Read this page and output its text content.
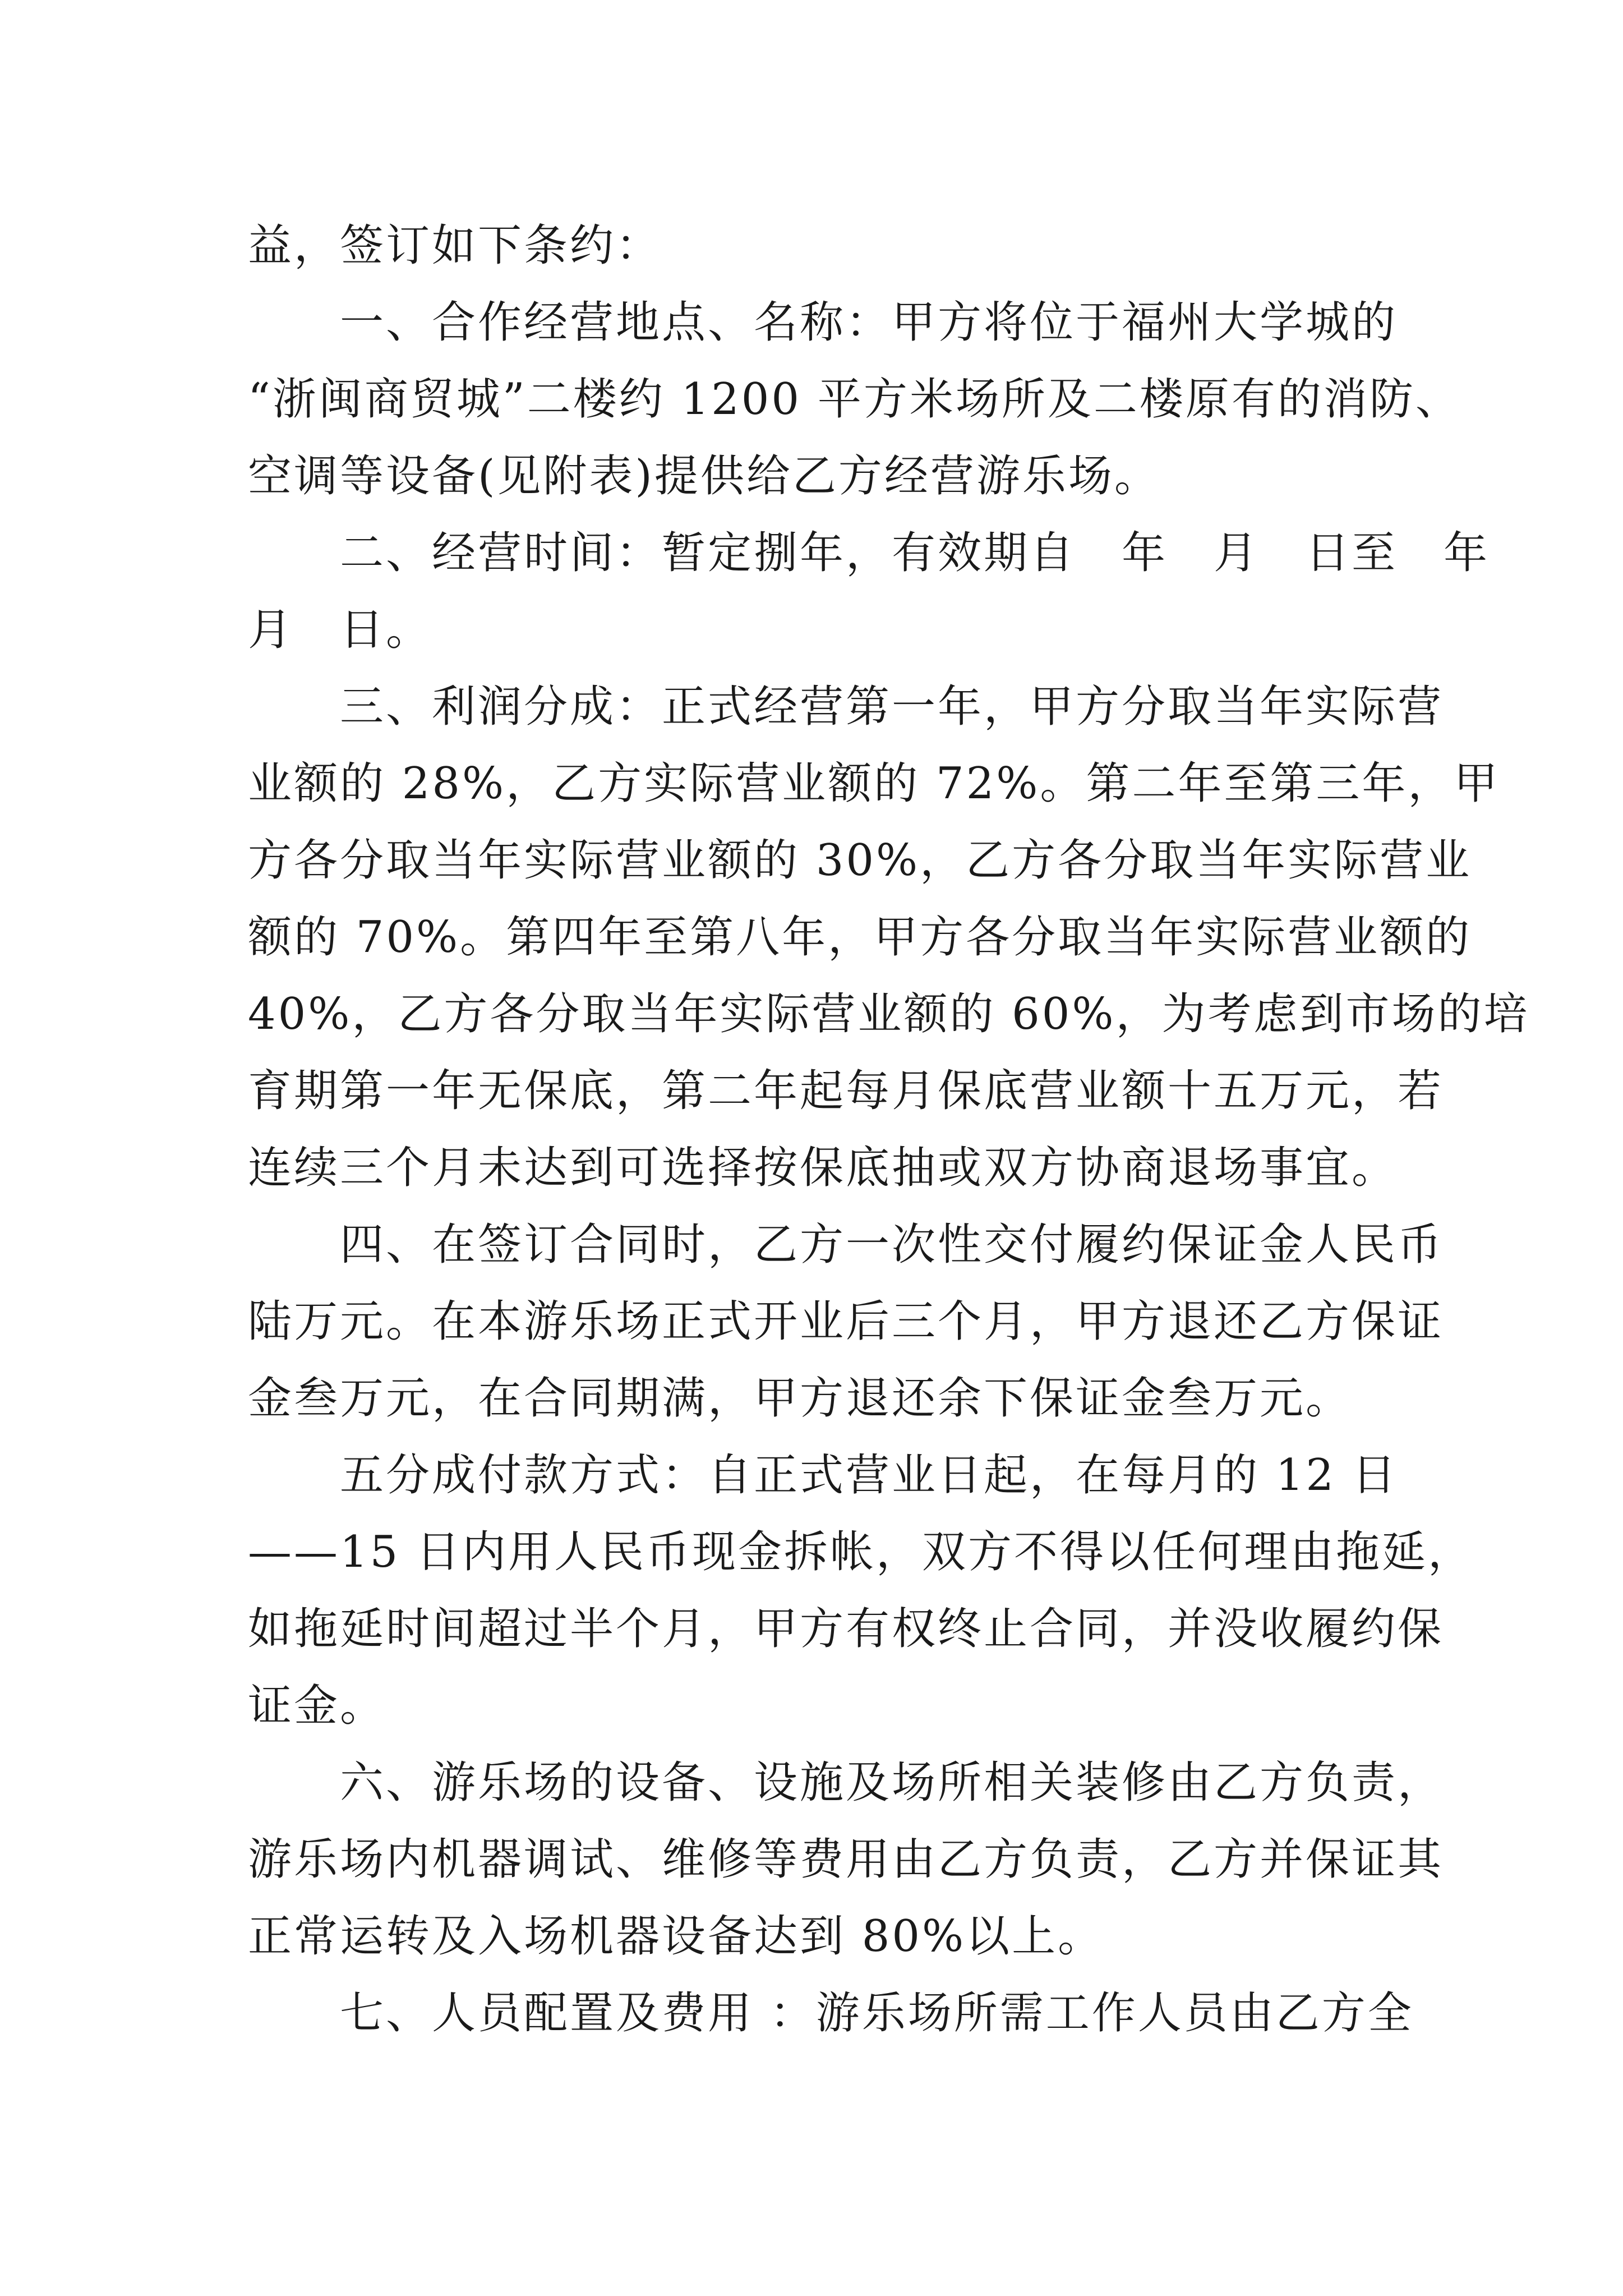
益，签订如下条约：
　　一、合作经营地点、名称：甲方将位于福州大学城的
“浙闽商贸城”二楼约 1200 平方米场所及二楼原有的消防、
空调等设备(见附表)提供给乙方经营游乐场。
　　二、经营时间：暂定捌年，有效期自　年　月　日至　年
月　日。
　　三、利润分成：正式经营第一年，甲方分取当年实际营
业额的 28%，乙方实际营业额的 72%。第二年至第三年，甲
方各分取当年实际营业额的 30%，乙方各分取当年实际营业
额的 70%。第四年至第八年，甲方各分取当年实际营业额的
40%，乙方各分取当年实际营业额的 60%，为考虑到市场的培
育期第一年无保底，第二年起每月保底营业额十五万元，若
连续三个月未达到可选择按保底抽或双方协商退场事宜。
　　四、在签订合同时，乙方一次性交付履约保证金人民币
陆万元。在本游乐场正式开业后三个月，甲方退还乙方保证
金叁万元，在合同期满，甲方退还余下保证金叁万元。
　　五分成付款方式：自正式营业日起，在每月的 12 日
——15 日内用人民币现金拆帐，双方不得以任何理由拖延，
如拖延时间超过半个月，甲方有权终止合同，并没收履约保
证金。
　　六、游乐场的设备、设施及场所相关装修由乙方负责，
游乐场内机器调试、维修等费用由乙方负责，乙方并保证其
正常运转及入场机器设备达到 80%以上。
　　七、人员配置及费用 ：游乐场所需工作人员由乙方全
